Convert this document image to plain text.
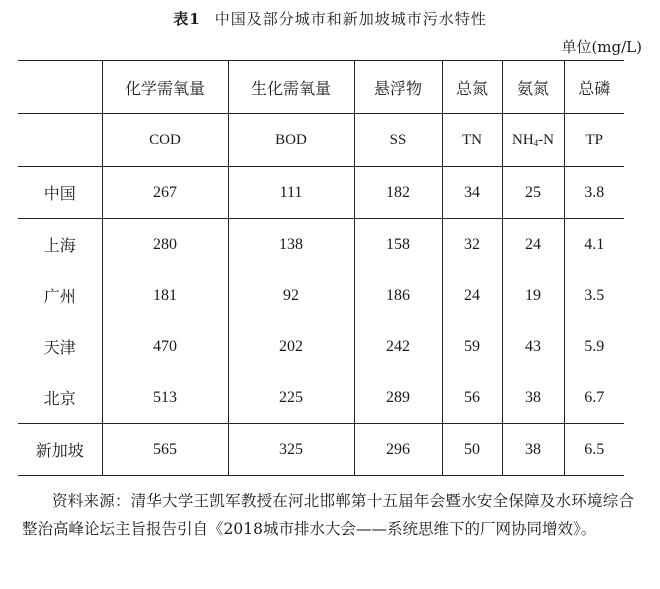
表1 中国及部分城市和新加坡城市污水特性
单位(mg/L)
	化学需氧量	生化需氧量	悬浮物	总氮	氨氮	总磷
	COD	BOD	SS	TN	$NH_4-N$	TP
中国	267	111	182	34	25	3.8
上海	280	138	158	32	24	4.1
广州	181	92	186	24	19	3.5
天津	470	202	242	59	43	5.9
北京	513	225	289	56	38	6.7
新加坡	565	325	296	50	38	6.5
资料来源：清华大学王凯军教授在河北邯郸第十五届年会暨水安全保障及水环境综合整治高峰论坛主旨报告引自《2018城市排水大会——系统思维下的厂网协同增效》。
